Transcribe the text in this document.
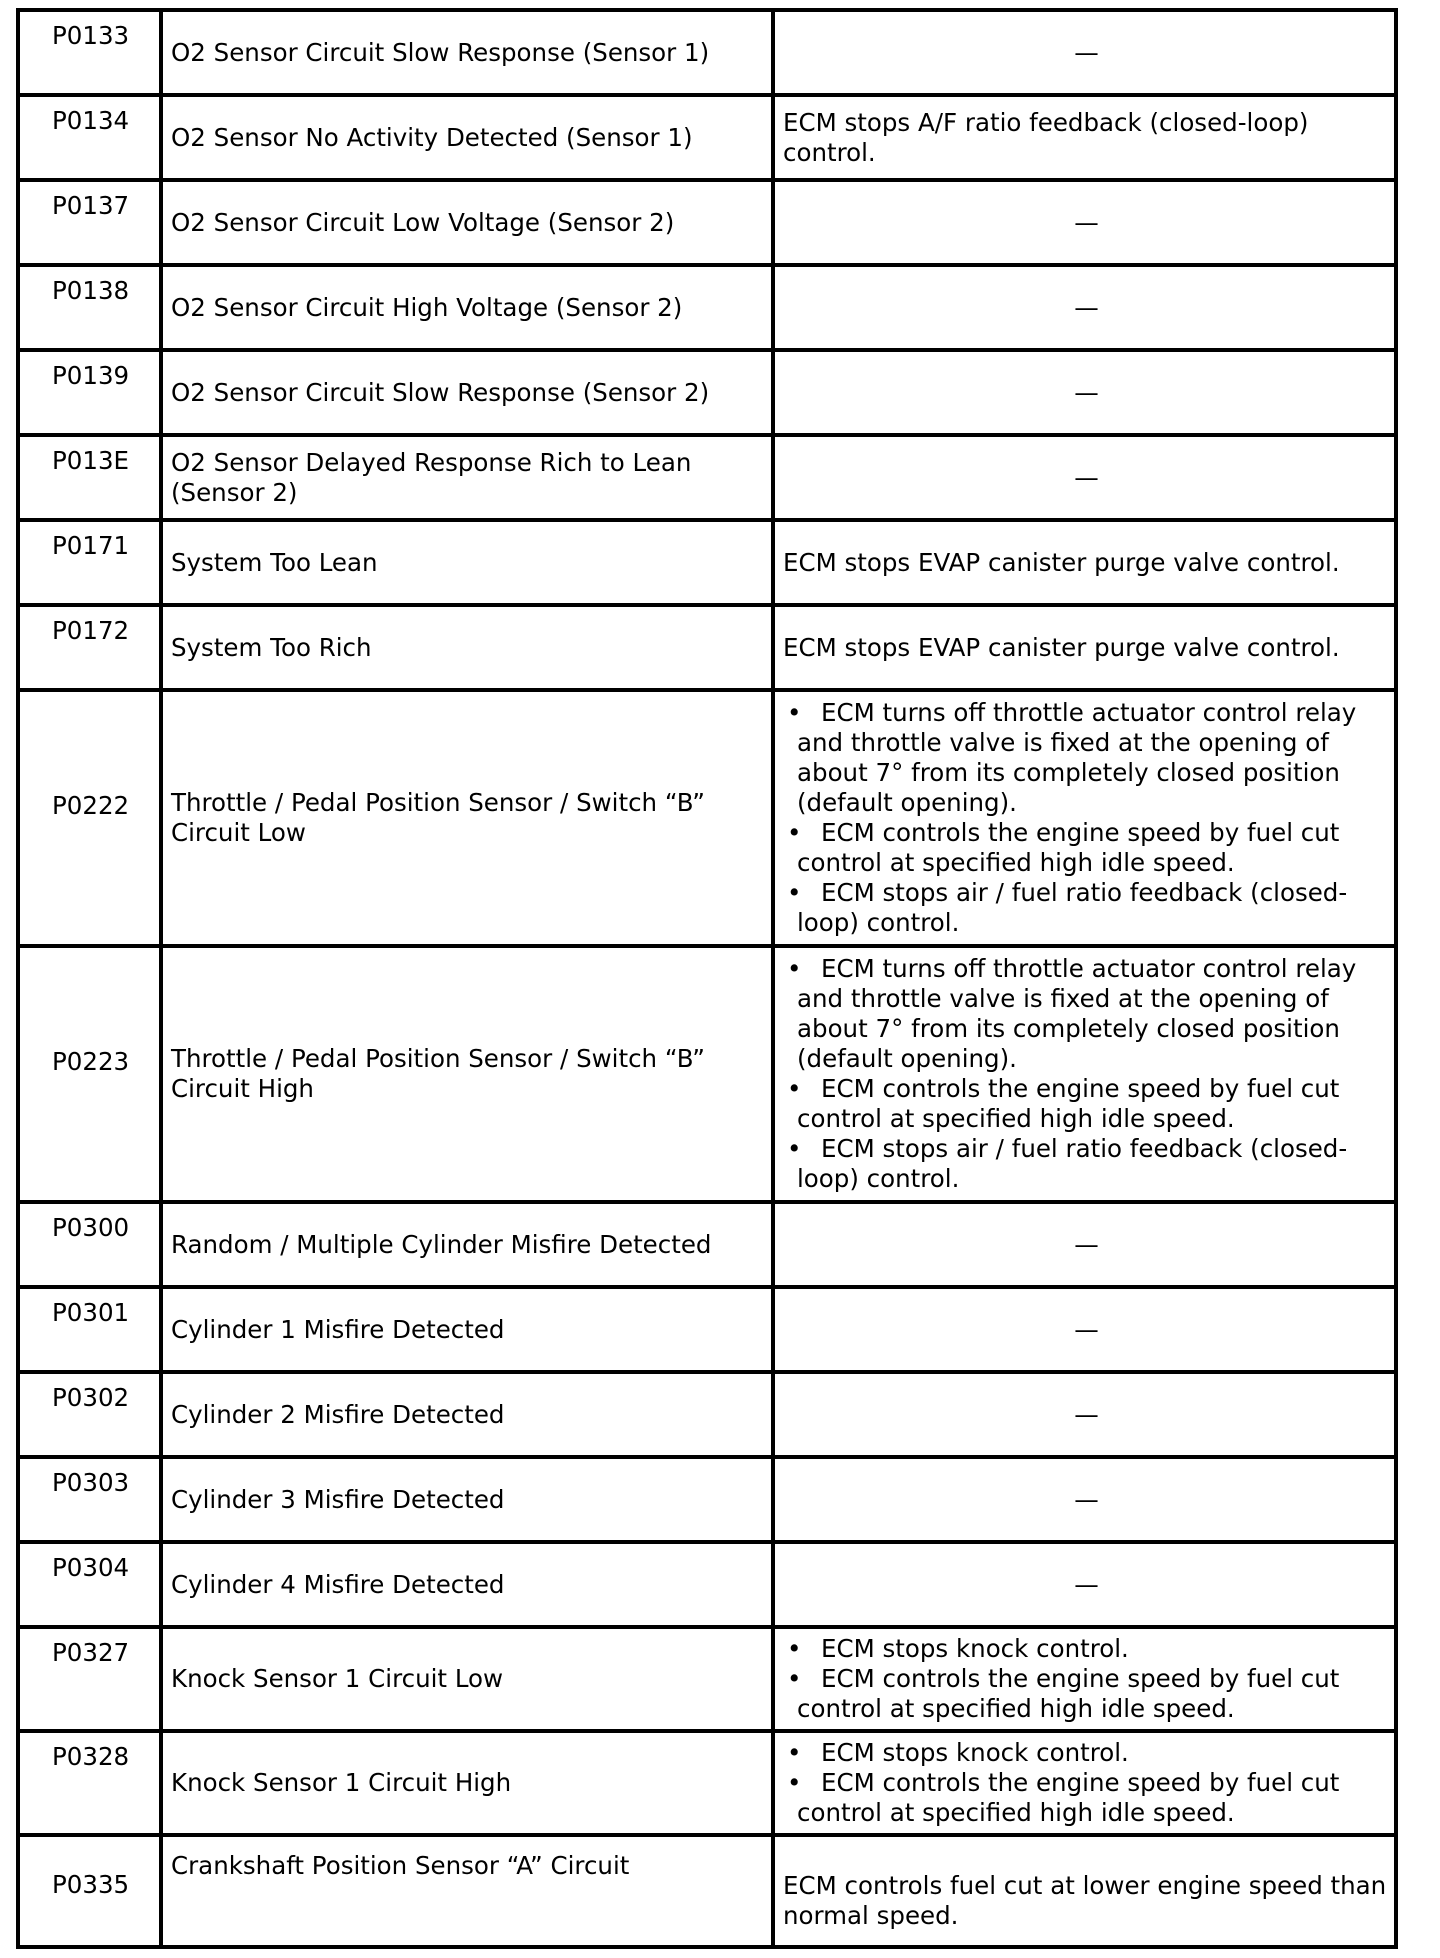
P0133	O2 Sensor Circuit Slow Response (Sensor 1)	—
P0134	O2 Sensor No Activity Detected (Sensor 1)	ECM stops A/F ratio feedback (closed-loop) control.
P0137	O2 Sensor Circuit Low Voltage (Sensor 2)	—
P0138	O2 Sensor Circuit High Voltage (Sensor 2)	—
P0139	O2 Sensor Circuit Slow Response (Sensor 2)	—
P013E	O2 Sensor Delayed Response Rich to Lean (Sensor 2)	—
P0171	System Too Lean	ECM stops EVAP canister purge valve control.
P0172	System Too Rich	ECM stops EVAP canister purge valve control.
P0222	Throttle / Pedal Position Sensor / Switch “B” Circuit Low	• ECM turns off throttle actuator control relay and throttle valve is fixed at the opening of about 7° from its completely closed position (default opening).
• ECM controls the engine speed by fuel cut control at specified high idle speed.
• ECM stops air / fuel ratio feedback (closed-loop) control.

P0223	Throttle / Pedal Position Sensor / Switch “B” Circuit High	• ECM turns off throttle actuator control relay and throttle valve is fixed at the opening of about 7° from its completely closed position (default opening).
• ECM controls the engine speed by fuel cut control at specified high idle speed.
• ECM stops air / fuel ratio feedback (closed-loop) control.

P0300	Random / Multiple Cylinder Misfire Detected	—
P0301	Cylinder 1 Misfire Detected	—
P0302	Cylinder 2 Misfire Detected	—
P0303	Cylinder 3 Misfire Detected	—
P0304	Cylinder 4 Misfire Detected	—
P0327	Knock Sensor 1 Circuit Low	• ECM stops knock control.
• ECM controls the engine speed by fuel cut control at specified high idle speed.

P0328	Knock Sensor 1 Circuit High	• ECM stops knock control.
• ECM controls the engine speed by fuel cut control at specified high idle speed.

P0335	Crankshaft Position Sensor “A” Circuit	ECM controls fuel cut at lower engine speed than normal speed.
